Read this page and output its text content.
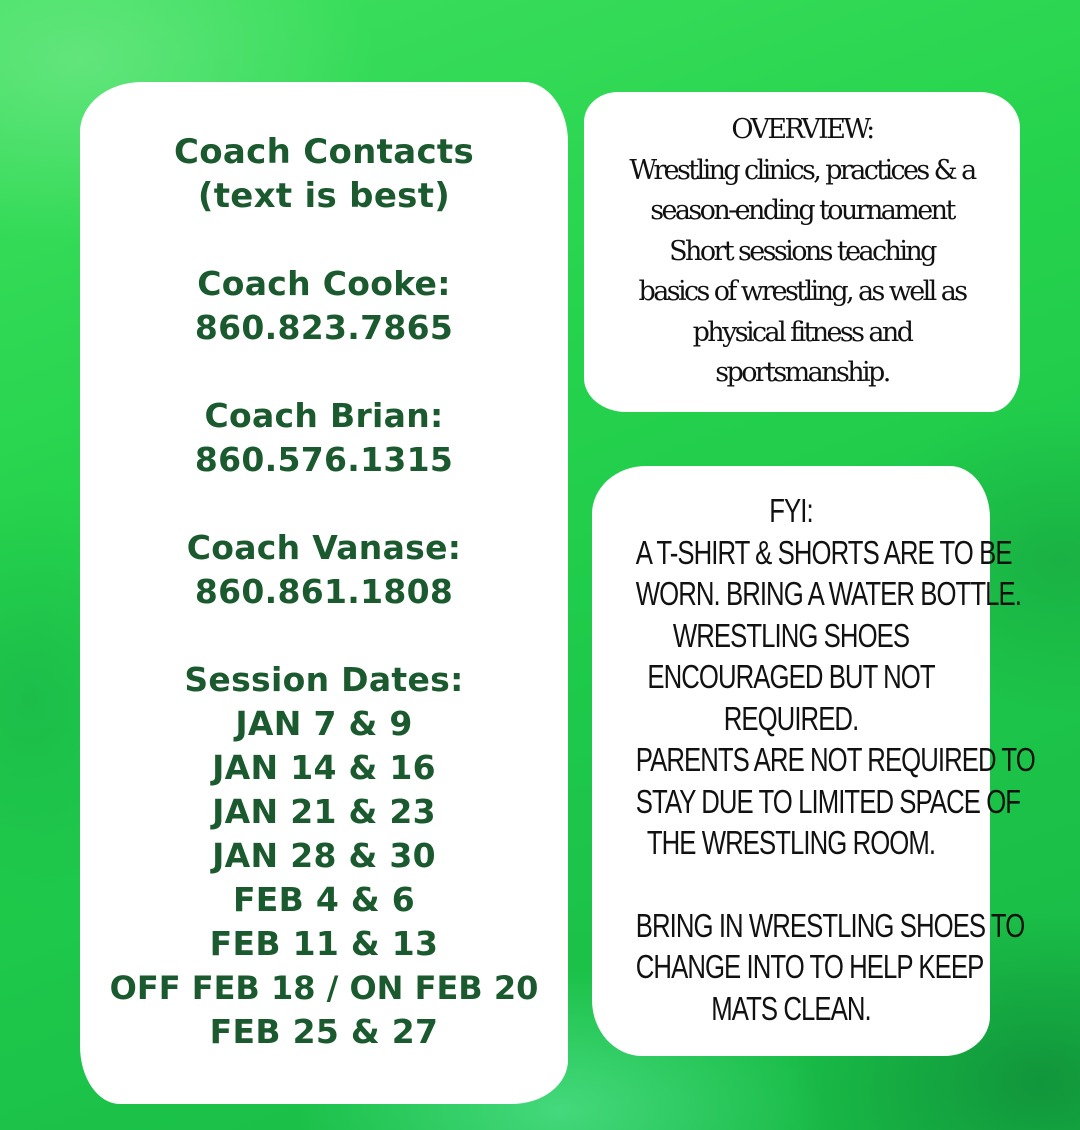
Coach Contacts
(text is best)
Coach Cooke:
860.823.7865
Coach Brian:
860.576.1315
Coach Vanase:
860.861.1808
Session Dates:
JAN 7 & 9
JAN 14 & 16
JAN 21 & 23
JAN 28 & 30
FEB 4 & 6
FEB 11 & 13
OFF FEB 18 / ON FEB 20
FEB 25 & 27
OVERVIEW:
Wrestling clinics, practices & a
season-ending tournament
Short sessions teaching
basics of wrestling, as well as
physical fitness and
sportsmanship.
FYI:
A T-SHIRT & SHORTS ARE TO BE
WORN. BRING A WATER BOTTLE.
WRESTLING SHOES
ENCOURAGED BUT NOT
REQUIRED.
PARENTS ARE NOT REQUIRED TO
STAY DUE TO LIMITED SPACE OF
THE WRESTLING ROOM.
BRING IN WRESTLING SHOES TO
CHANGE INTO TO HELP KEEP
MATS CLEAN.
